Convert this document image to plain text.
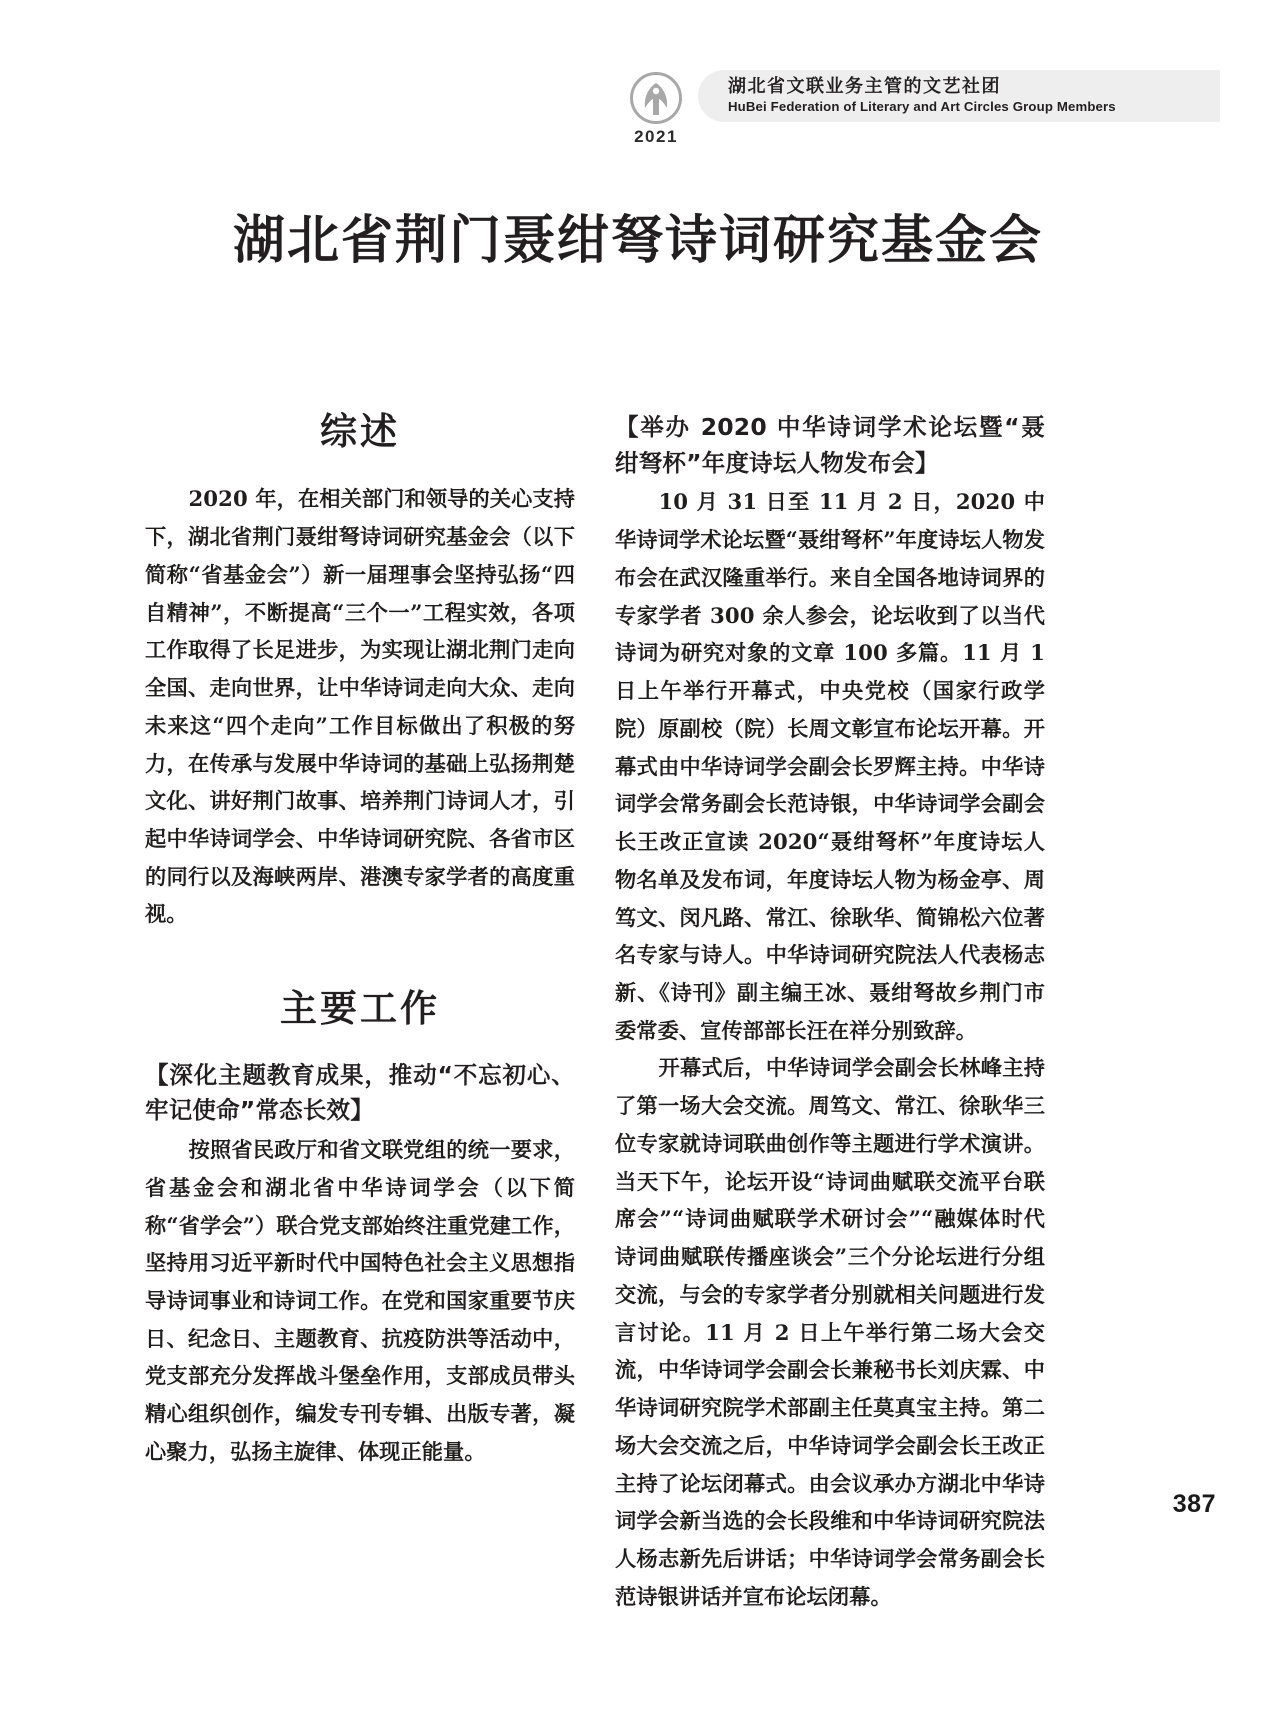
2021
湖北省文联业务主管的文艺社团
HuBei Federation of Literary and Art Circles Group Members
湖北省荆门聂绀弩诗词研究基金会
综述

2020 年，在相关部门和领导的关心支持下，湖北省荆门聂绀弩诗词研究基金会（以下简称“省基金会”）新一届理事会坚持弘扬“四自精神”，不断提高“三个一”工程实效，各项工作取得了长足进步，为实现让湖北荆门走向全国、走向世界，让中华诗词走向大众、走向未来这“四个走向”工作目标做出了积极的努力，在传承与发展中华诗词的基础上弘扬荆楚文化、讲好荆门故事、培养荆门诗词人才，引起中华诗词学会、中华诗词研究院、各省市区的同行以及海峡两岸、港澳专家学者的高度重视。

主要工作
【深化主题教育成果，推动“不忘初心、牢记使命”常态长效】

按照省民政厅和省文联党组的统一要求，省基金会和湖北省中华诗词学会（以下简称“省学会”）联合党支部始终注重党建工作，坚持用习近平新时代中国特色社会主义思想指导诗词事业和诗词工作。在党和国家重要节庆日、纪念日、主题教育、抗疫防洪等活动中，党支部充分发挥战斗堡垒作用，支部成员带头精心组织创作，编发专刊专辑、出版专著，凝心聚力，弘扬主旋律、体现正能量。

【举办 2020 中华诗词学术论坛暨“聂绀弩杯”年度诗坛人物发布会】

10 月 31 日至 11 月 2 日，2020 中华诗词学术论坛暨“聂绀弩杯”年度诗坛人物发布会在武汉隆重举行。来自全国各地诗词界的专家学者 300 余人参会，论坛收到了以当代诗词为研究对象的文章 100 多篇。11 月 1 日上午举行开幕式，中央党校（国家行政学院）原副校（院）长周文彰宣布论坛开幕。开幕式由中华诗词学会副会长罗辉主持。中华诗词学会常务副会长范诗银，中华诗词学会副会长王改正宣读 2020“聂绀弩杯”年度诗坛人物名单及发布词，年度诗坛人物为杨金亭、周笃文、闵凡路、常江、徐耿华、简锦松六位著名专家与诗人。中华诗词研究院法人代表杨志新、《诗刊》副主编王冰、聂绀弩故乡荆门市委常委、宣传部部长汪在祥分别致辞。

开幕式后，中华诗词学会副会长林峰主持了第一场大会交流。周笃文、常江、徐耿华三位专家就诗词联曲创作等主题进行学术演讲。当天下午，论坛开设“诗词曲赋联交流平台联席会”“诗词曲赋联学术研讨会”“融媒体时代诗词曲赋联传播座谈会”三个分论坛进行分组交流，与会的专家学者分别就相关问题进行发言讨论。11 月 2 日上午举行第二场大会交流，中华诗词学会副会长兼秘书长刘庆霖、中华诗词研究院学术部副主任莫真宝主持。第二场大会交流之后，中华诗词学会副会长王改正主持了论坛闭幕式。由会议承办方湖北中华诗词学会新当选的会长段维和中华诗词研究院法人杨志新先后讲话；中华诗词学会常务副会长范诗银讲话并宣布论坛闭幕。

387
